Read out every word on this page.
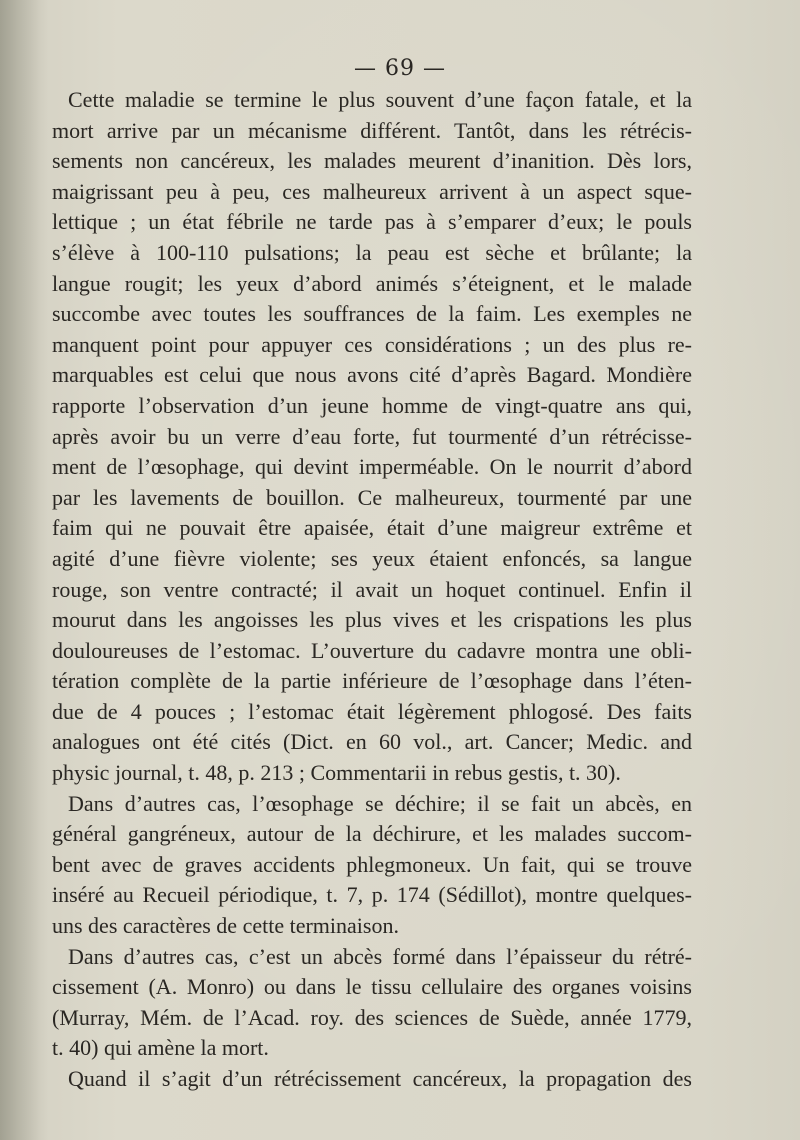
— 69 —
Cette maladie se termine le plus souvent d’une façon fatale, et la
mort arrive par un mécanisme différent. Tantôt, dans les rétrécis-
sements non cancéreux, les malades meurent d’inanition. Dès lors,
maigrissant peu à peu, ces malheureux arrivent à un aspect sque-
lettique ; un état fébrile ne tarde pas à s’emparer d’eux; le pouls
s’élève à 100-110 pulsations; la peau est sèche et brûlante; la
langue rougit; les yeux d’abord animés s’éteignent, et le malade
succombe avec toutes les souffrances de la faim. Les exemples ne
manquent point pour appuyer ces considérations ; un des plus re-
marquables est celui que nous avons cité d’après Bagard. Mondière
rapporte l’observation d’un jeune homme de vingt-quatre ans qui,
après avoir bu un verre d’eau forte, fut tourmenté d’un rétrécisse-
ment de l’œsophage, qui devint imperméable. On le nourrit d’abord
par les lavements de bouillon. Ce malheureux, tourmenté par une
faim qui ne pouvait être apaisée, était d’une maigreur extrême et
agité d’une fièvre violente; ses yeux étaient enfoncés, sa langue
rouge, son ventre contracté; il avait un hoquet continuel. Enfin il
mourut dans les angoisses les plus vives et les crispations les plus
douloureuses de l’estomac. L’ouverture du cadavre montra une obli-
tération complète de la partie inférieure de l’œsophage dans l’éten-
due de 4 pouces ; l’estomac était légèrement phlogosé. Des faits
analogues ont été cités (Dict. en 60 vol., art. Cancer; Medic. and
physic journal, t. 48, p. 213 ; Commentarii in rebus gestis, t. 30).
Dans d’autres cas, l’œsophage se déchire; il se fait un abcès, en
général gangréneux, autour de la déchirure, et les malades succom-
bent avec de graves accidents phlegmoneux. Un fait, qui se trouve
inséré au Recueil périodique, t. 7, p. 174 (Sédillot), montre quelques-
uns des caractères de cette terminaison.
Dans d’autres cas, c’est un abcès formé dans l’épaisseur du rétré-
cissement (A. Monro) ou dans le tissu cellulaire des organes voisins
(Murray, Mém. de l’Acad. roy. des sciences de Suède, année 1779,
t. 40) qui amène la mort.
Quand il s’agit d’un rétrécissement cancéreux, la propagation des
